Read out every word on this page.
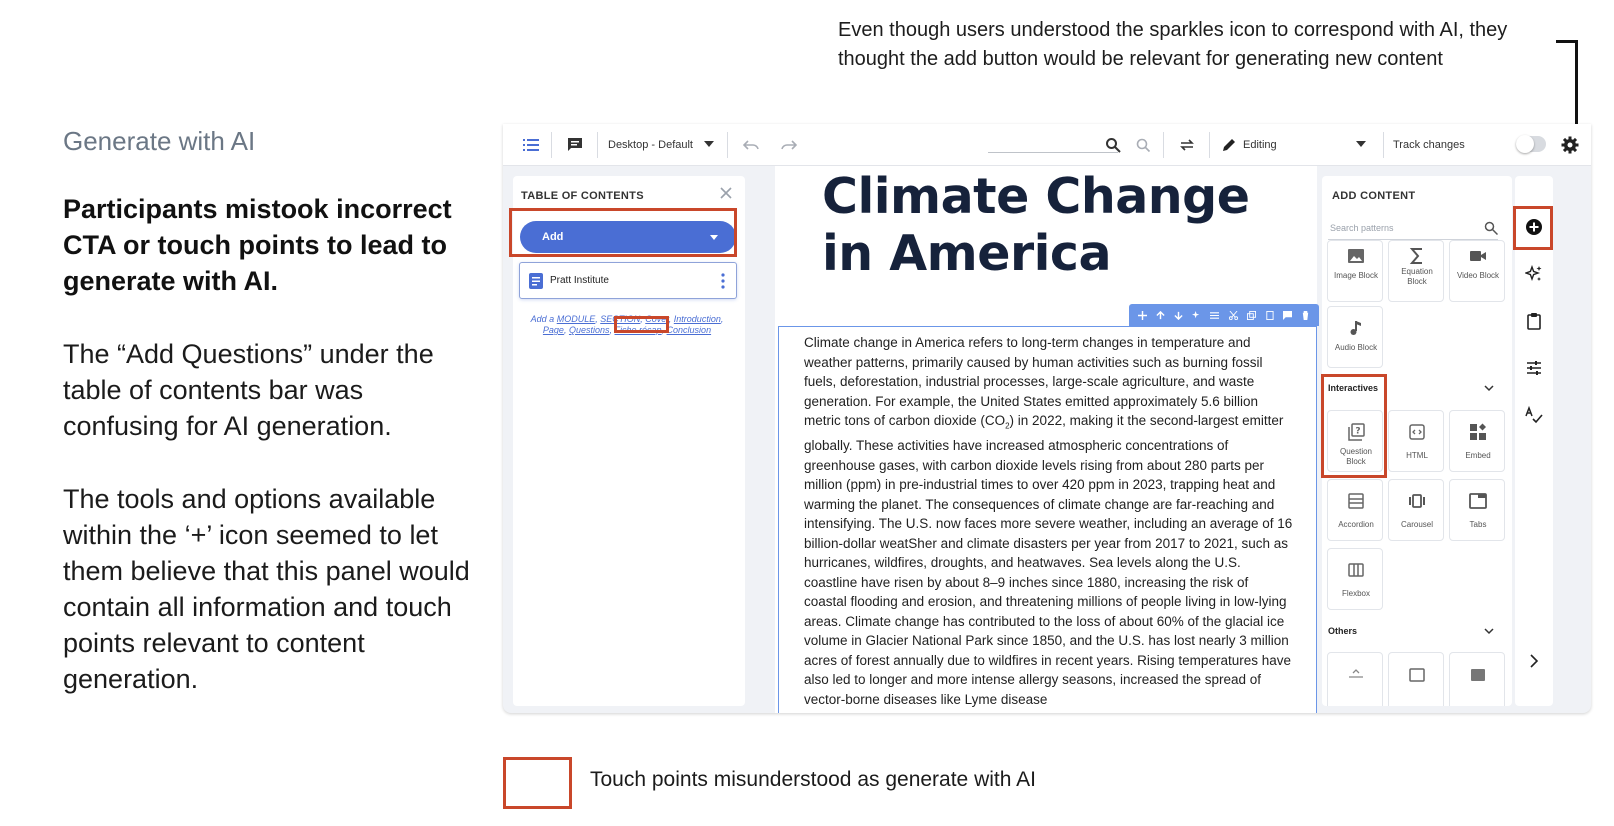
Even though users understood the sparkles icon to correspond with AI, they thought the add button would be relevant for generating new content
Generate with AI
Participants mistook incorrect CTA or touch points to lead to generate with AI.
The “Add Questions” under the table of contents bar was confusing for AI generation.
The tools and options available within the ‘+’ icon seemed to let them believe that this panel would contain all information and touch points relevant to content generation.
Touch points misunderstood as generate with AI
Desktop - Default	Editing	Track changes
TABLE OF CONTENTS
Add
Pratt Institute
Add a MODULE, SECTION, Cover, Introduction, Page, Questions, Fiche récap, Conclusion
Climate Change in America
Climate change in America refers to long-term changes in temperature and weather patterns, primarily caused by human activities such as burning fossil fuels, deforestation, industrial processes, large-scale agriculture, and waste generation. For example, the United States emitted approximately 5.6 billion metric tons of carbon dioxide $(CO_2)$ in 2022, making it the second-largest emitter globally. These activities have increased atmospheric concentrations of greenhouse gases, with carbon dioxide levels rising from about 280 parts per million (ppm) in pre-industrial times to over 420 ppm in 2023, trapping heat and warming the planet. The consequences of climate change are far-reaching and intensifying. The U.S. now faces more severe weather, including an average of 16 billion-dollar weatSher and climate disasters per year from 2017 to 2021, such as hurricanes, wildfires, droughts, and heatwaves. Sea levels along the U.S. coastline have risen by about 8–9 inches since 1880, increasing the risk of coastal flooding and erosion, and threatening millions of people living in low-lying areas. Climate change has contributed to the loss of about 60% of the glacial ice volume in Glacier National Park since 1850, and the U.S. has lost nearly 3 million acres of forest annually due to wildfires in recent years. Rising temperatures have also led to longer and more intense allergy seasons, increased the spread of vector-borne diseases like Lyme disease
ADD CONTENT
Search patterns
Image Block	Equation Block
Video Block
Audio Block
Interactives
?
Question Block
HTML	Embed
Accordion	Carousel	Tabs
Flexbox
Others
